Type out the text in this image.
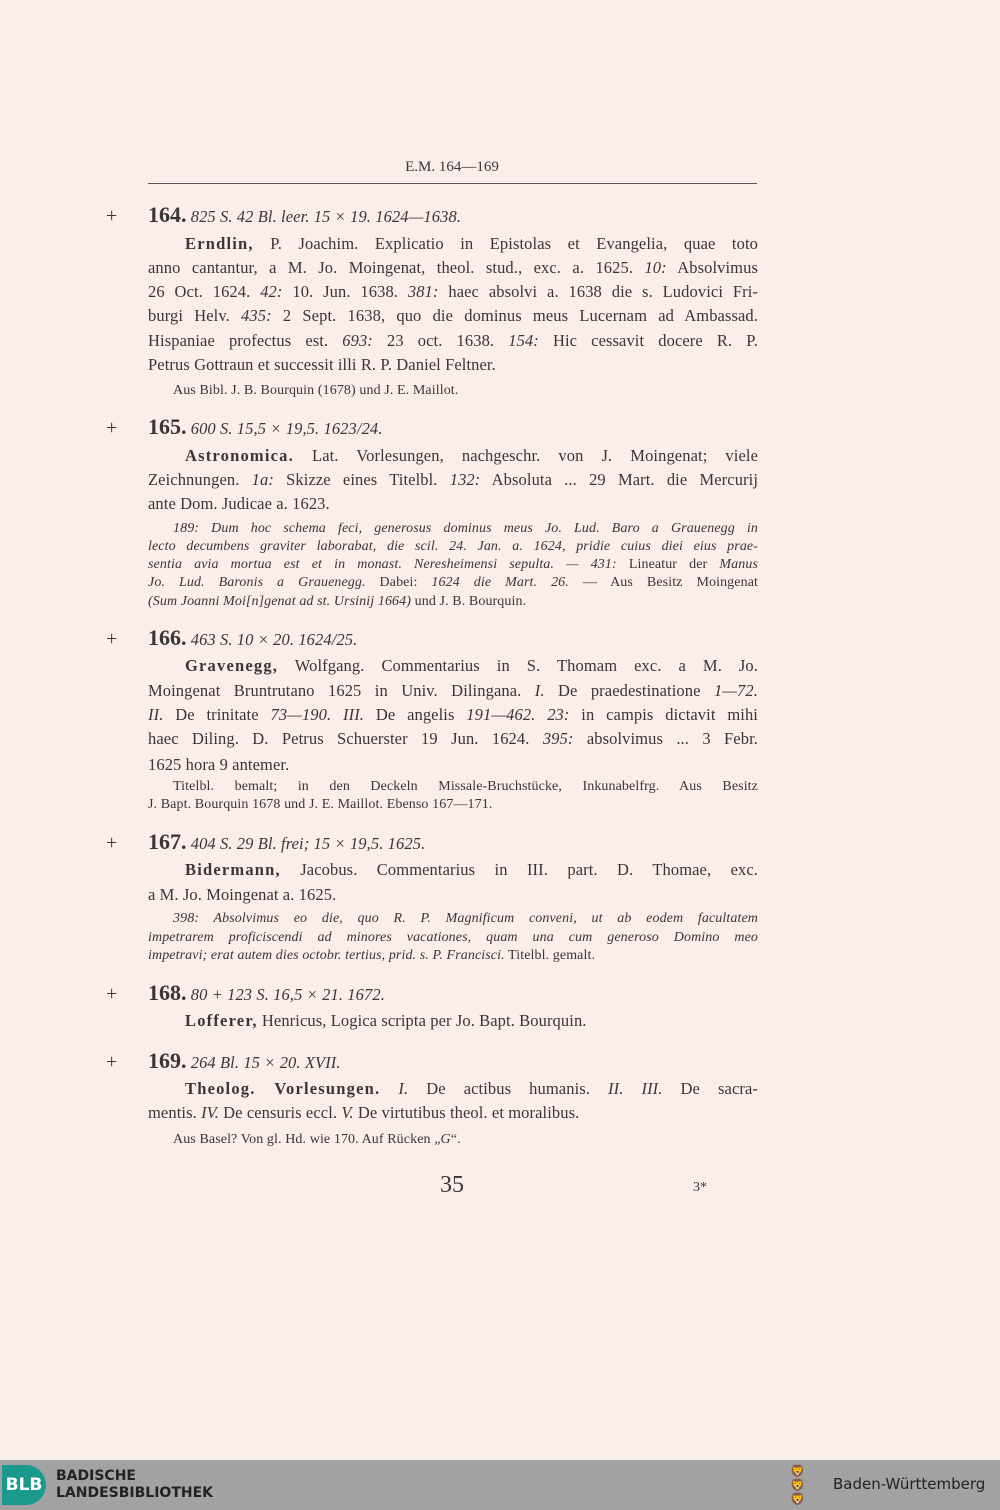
E.M. 164—169
+ 164. 825 S. 42 Bl. leer. 15 × 19. 1624—1638.
Erndlin, P. Joachim. Explicatio in Epistolas et Evangelia, quae toto
anno cantantur, a M. Jo. Moingenat, theol. stud., exc. a. 1625. 10: Absolvimus
26 Oct. 1624. 42: 10. Jun. 1638. 381: haec absolvi a. 1638 die s. Ludovici Fri-
burgi Helv. 435: 2 Sept. 1638, quo die dominus meus Lucernam ad Ambassad.
Hispaniae profectus est. 693: 23 oct. 1638. 154: Hic cessavit docere R. P.
Petrus Gottraun et successit illi R. P. Daniel Feltner.
Aus Bibl. J. B. Bourquin (1678) und J. E. Maillot.
+ 165. 600 S. 15,5 × 19,5. 1623/24.
Astronomica. Lat. Vorlesungen, nachgeschr. von J. Moingenat; viele
Zeichnungen. 1a: Skizze eines Titelbl. 132: Absoluta ... 29 Mart. die Mercurij
ante Dom. Judicae a. 1623.
189: Dum hoc schema feci, generosus dominus meus Jo. Lud. Baro a Grauenegg in
lecto decumbens graviter laborabat, die scil. 24. Jan. a. 1624, pridie cuius diei eius prae-
sentia avia mortua est et in monast. Neresheimensi sepulta. — 431: Lineatur der Manus
Jo. Lud. Baronis a Grauenegg. Dabei: 1624 die Mart. 26. — Aus Besitz Moingenat
(Sum Joanni Moi[n]genat ad st. Ursinij 1664) und J. B. Bourquin.
+ 166. 463 S. 10 × 20. 1624/25.
Gravenegg, Wolfgang. Commentarius in S. Thomam exc. a M. Jo.
Moingenat Bruntrutano 1625 in Univ. Dilingana. I. De praedestinatione 1—72.
II. De trinitate 73—190. III. De angelis 191—462. 23: in campis dictavit mihi
haec Diling. D. Petrus Schuerster 19 Jun. 1624. 395: absolvimus ... 3 Febr.
1625 hora 9 antemer.
Titelbl. bemalt; in den Deckeln Missale-Bruchstücke, Inkunabelfrg. Aus Besitz
J. Bapt. Bourquin 1678 und J. E. Maillot. Ebenso 167—171.
+ 167. 404 S. 29 Bl. frei; 15 × 19,5. 1625.
Bidermann, Jacobus. Commentarius in III. part. D. Thomae, exc.
a M. Jo. Moingenat a. 1625.
398: Absolvimus eo die, quo R. P. Magnificum conveni, ut ab eodem facultatem
impetrarem proficiscendi ad minores vacationes, quam una cum generoso Domino meo
impetravi; erat autem dies octobr. tertius, prid. s. P. Francisci. Titelbl. gemalt.
+ 168. 80 + 123 S. 16,5 × 21. 1672.
Lofferer, Henricus, Logica scripta per Jo. Bapt. Bourquin.
+ 169. 264 Bl. 15 × 20. XVII.
Theolog. Vorlesungen. I. De actibus humanis. II. III. De sacra-
mentis. IV. De censuris eccl. V. De virtutibus theol. et moralibus.
Aus Basel? Von gl. Hd. wie 170. Auf Rücken „G“.
35	3*
BLB BADISCHE
LANDESBIBLIOTHEK
🦁
🦁
🦁
Baden-Württemberg
